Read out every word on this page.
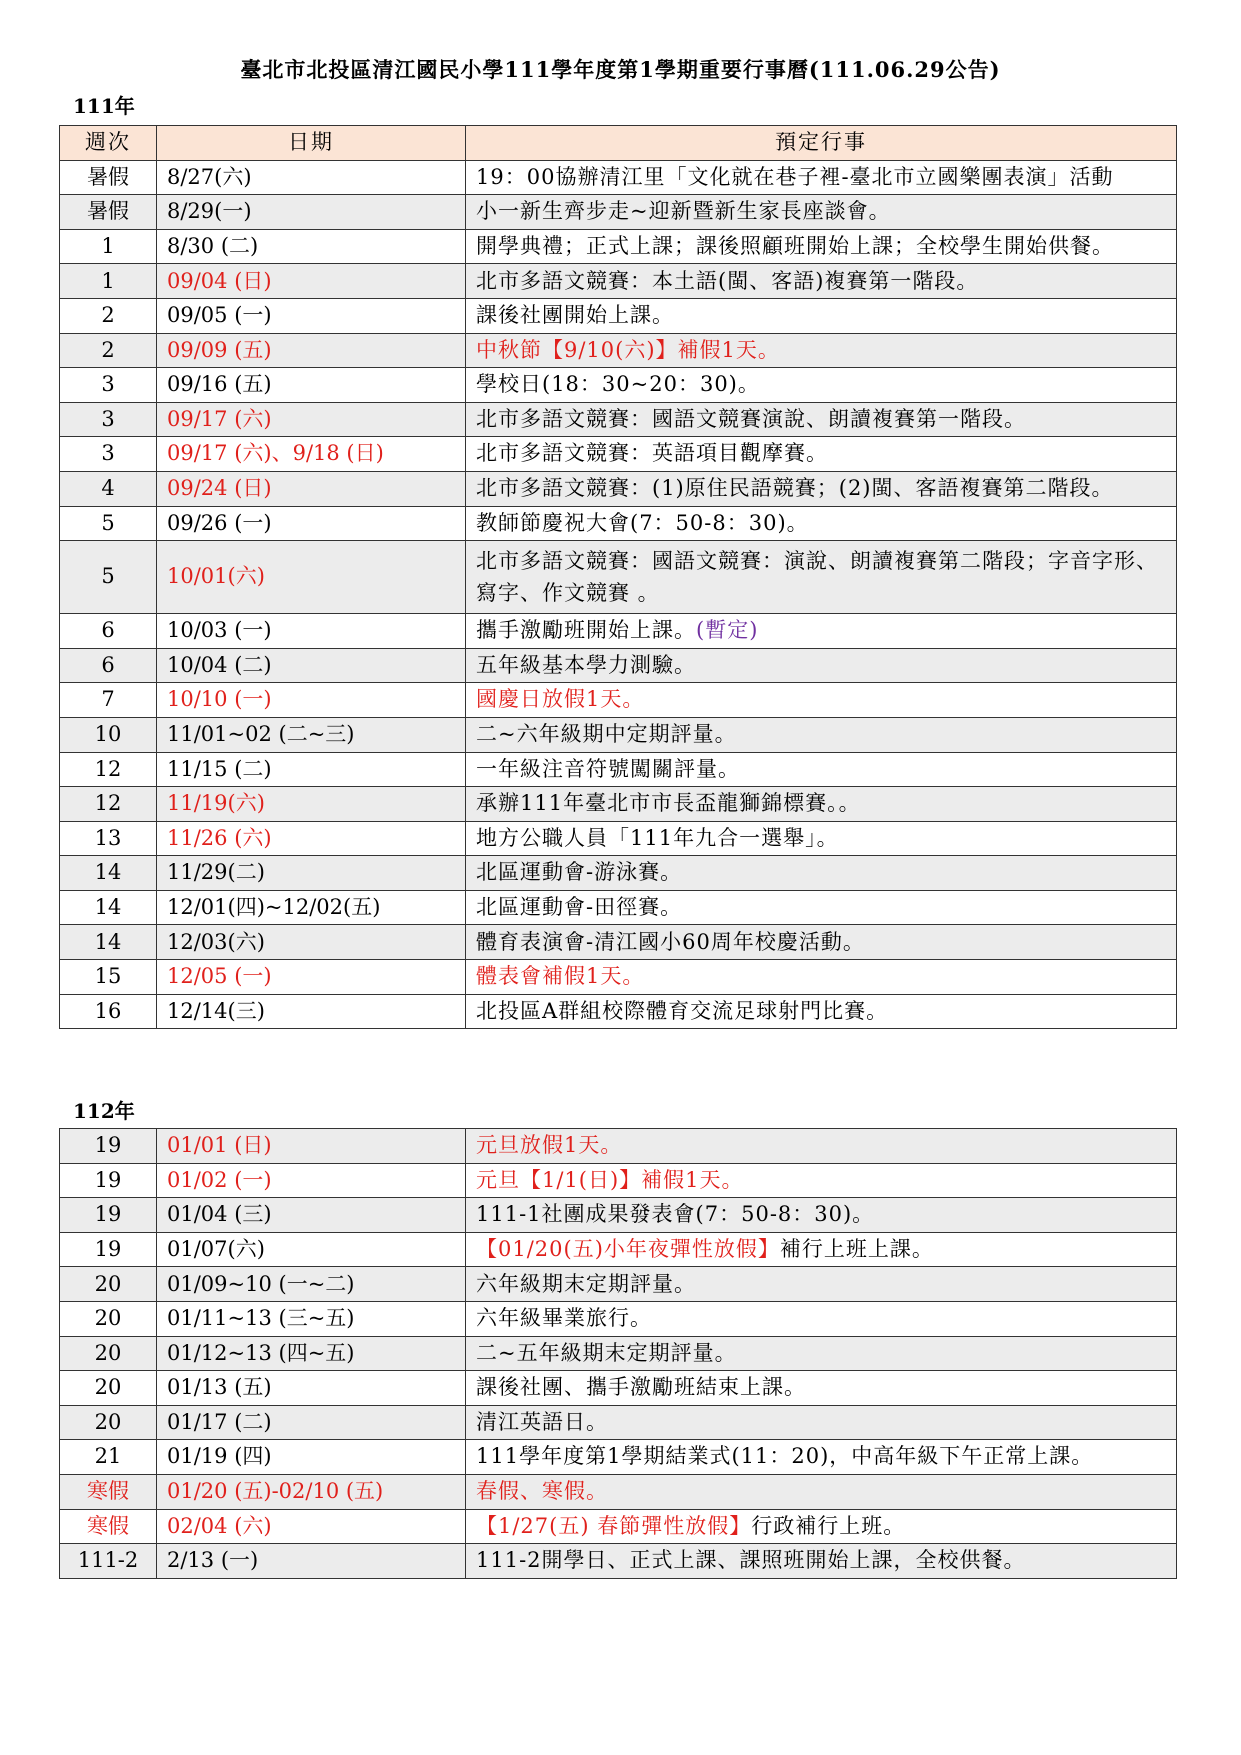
臺北市北投區清江國民小學111學年度第1學期重要行事曆(111.06.29公告)
111年
週次	日期	預定行事
暑假	8/27(六)	19：00協辦清江里「文化就在巷子裡-臺北市立國樂團表演」活動
暑假	8/29(一)	小一新生齊步走~迎新暨新生家長座談會。
1	8/30 (二)	開學典禮；正式上課；課後照顧班開始上課；全校學生開始供餐。
1	09/04 (日)	北市多語文競賽：本土語(閩、客語)複賽第一階段。
2	09/05 (一)	課後社團開始上課。
2	09/09 (五)	中秋節【9/10(六)】補假1天。
3	09/16 (五)	學校日(18：30~20：30)。
3	09/17 (六)	北市多語文競賽：國語文競賽演說、朗讀複賽第一階段。
3	09/17 (六)、9/18 (日)	北市多語文競賽：英語項目觀摩賽。
4	09/24 (日)	北市多語文競賽：(1)原住民語競賽；(2)閩、客語複賽第二階段。
5	09/26 (一)	教師節慶祝大會(7：50-8：30)。
5	10/01(六)	北市多語文競賽：國語文競賽：演說、朗讀複賽第二階段；字音字形、寫字、作文競賽 。
6	10/03 (一)	攜手激勵班開始上課。(暫定)
6	10/04 (二)	五年級基本學力測驗。
7	10/10 (一)	國慶日放假1天。
10	11/01~02 (二~三)	二~六年級期中定期評量。
12	11/15 (二)	一年級注音符號闖關評量。
12	11/19(六)	承辦111年臺北市市長盃龍獅錦標賽。。
13	11/26 (六)	地方公職人員「111年九合一選舉」。
14	11/29(二)	北區運動會-游泳賽。
14	12/01(四)~12/02(五)	北區運動會-田徑賽。
14	12/03(六)	體育表演會-清江國小60周年校慶活動。
15	12/05 (一)	體表會補假1天。
16	12/14(三)	北投區A群組校際體育交流足球射門比賽。
112年
19	01/01 (日)	元旦放假1天。
19	01/02 (一)	元旦【1/1(日)】補假1天。
19	01/04 (三)	111-1社團成果發表會(7：50-8：30)。
19	01/07(六)	【01/20(五)小年夜彈性放假】補行上班上課。
20	01/09~10 (一~二)	六年級期末定期評量。
20	01/11~13 (三~五)	六年級畢業旅行。
20	01/12~13 (四~五)	二~五年級期末定期評量。
20	01/13 (五)	課後社團、攜手激勵班結束上課。
20	01/17 (二)	清江英語日。
21	01/19 (四)	111學年度第1學期結業式(11：20)，中高年級下午正常上課。
寒假	01/20 (五)-02/10 (五)	春假、寒假。
寒假	02/04 (六)	【1/27(五) 春節彈性放假】行政補行上班。
111-2	2/13 (一)	111-2開學日、正式上課、課照班開始上課，全校供餐。
